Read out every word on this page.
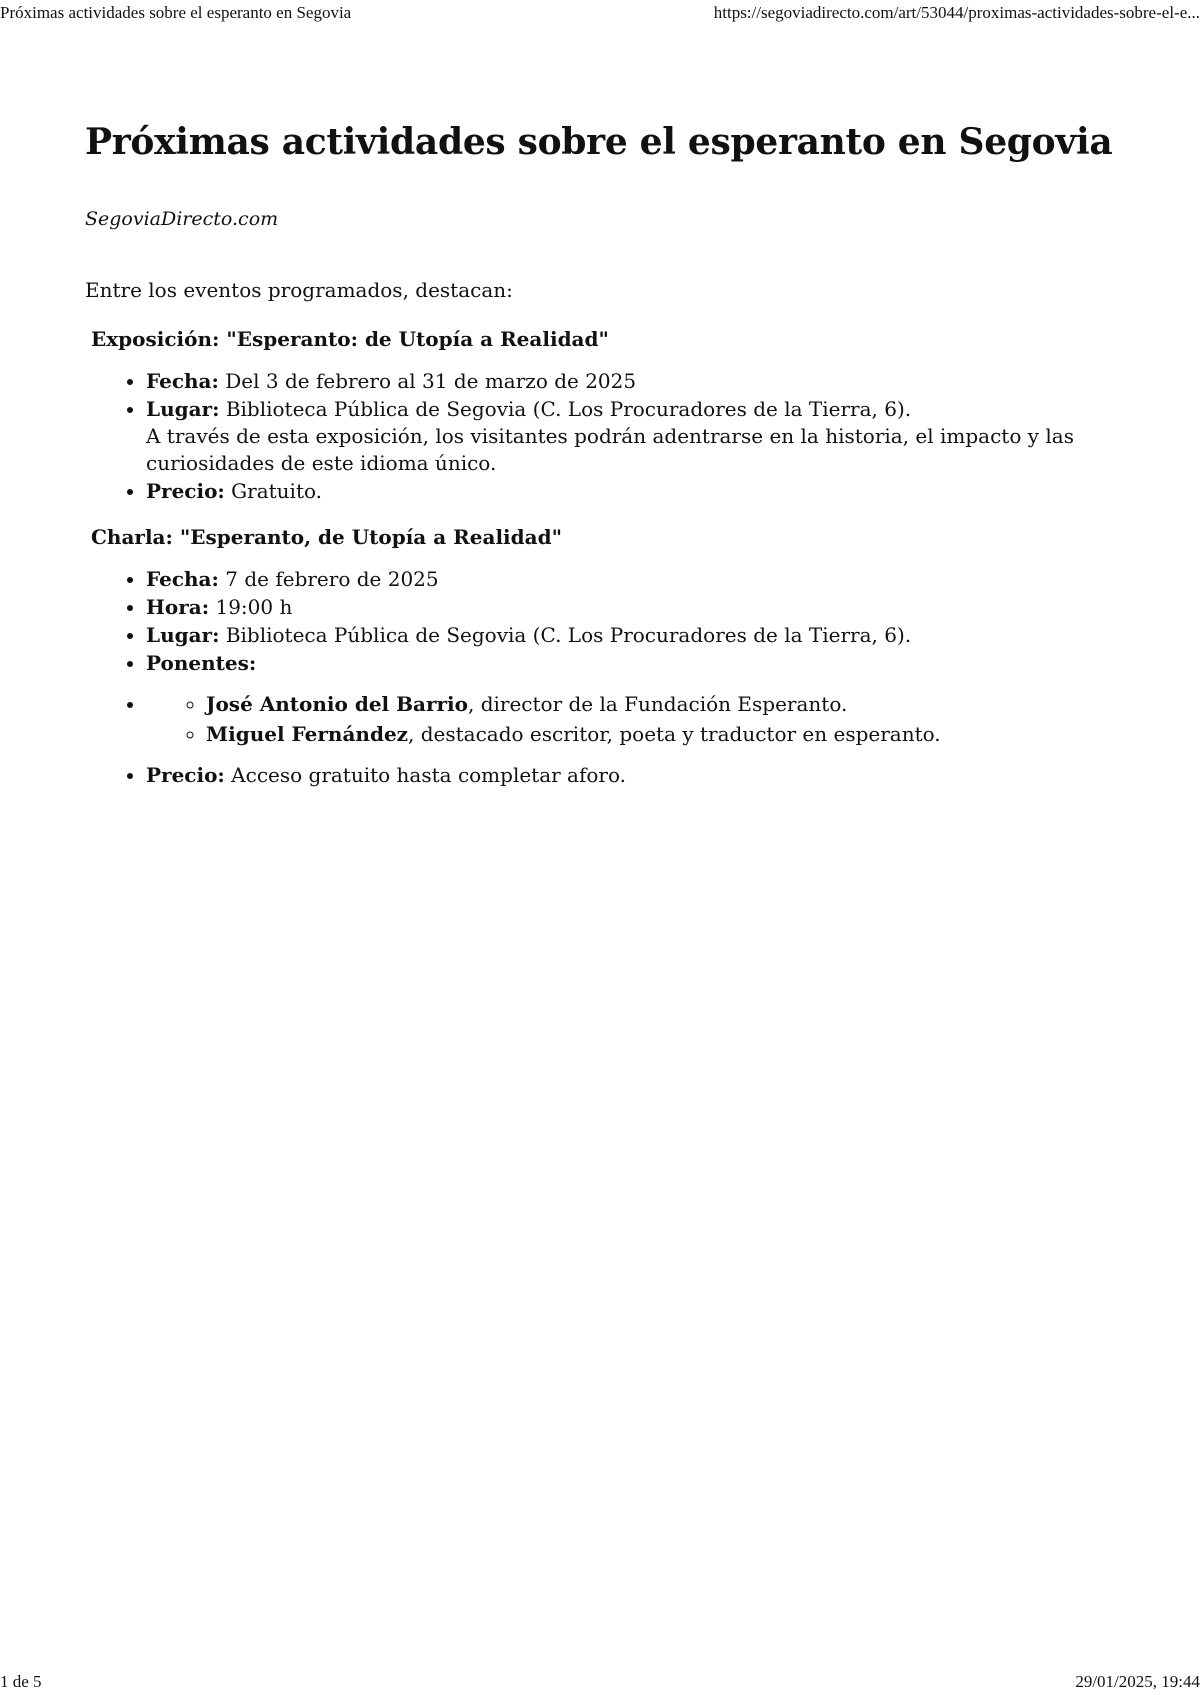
Próximas actividades sobre el esperanto en Segovia	https://segoviadirecto.com/art/53044/proximas-actividades-sobre-el-e...
Próximas actividades sobre el esperanto en Segovia
SegoviaDirecto.com
Entre los eventos programados, destacan:
Exposición: "Esperanto: de Utopía a Realidad"
• Fecha: Del 3 de febrero al 31 de marzo de 2025
• Lugar: Biblioteca Pública de Segovia (C. Los Procuradores de la Tierra, 6).
A través de esta exposición, los visitantes podrán adentrarse en la historia, el impacto y las curiosidades de este idioma único.
• Precio: Gratuito.
Charla: "Esperanto, de Utopía a Realidad"
• Fecha: 7 de febrero de 2025
• Hora: 19:00 h
• Lugar: Biblioteca Pública de Segovia (C. Los Procuradores de la Tierra, 6).
• Ponentes:
◦ • José Antonio del Barrio, director de la Fundación Esperanto.
◦ Miguel Fernández, destacado escritor, poeta y traductor en esperanto.
• Precio: Acceso gratuito hasta completar aforo.
1 de 5	29/01/2025, 19:44
